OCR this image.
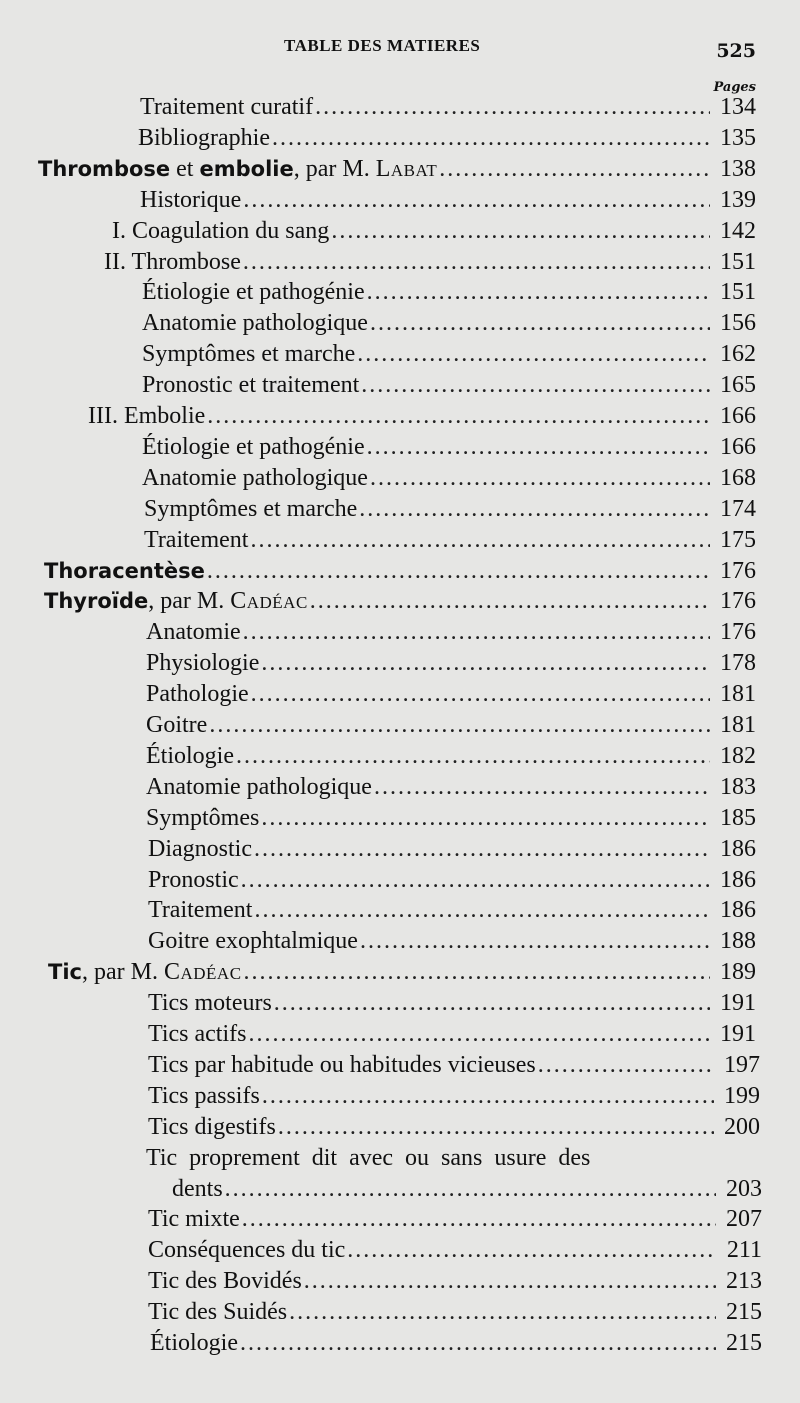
TABLE DES MATIERES	525
Pages
Traitement curatif .....	134
Bibliographie .....	135
Thrombose et embolie, par M. Labat .....	138
Historique .....	139
I. Coagulation du sang .....	142
II. Thrombose .....	151
Étiologie et pathogénie .....	151
Anatomie pathologique .....	156
Symptômes et marche .....	162
Pronostic et traitement .....	165
III. Embolie .....	166
Étiologie et pathogénie .....	166
Anatomie pathologique .....	168
Symptômes et marche .....	174
Traitement .....	175
Thoracentèse .....	176
Thyroïde, par M. Cadéac .....	176
Anatomie .....	176
Physiologie .....	178
Pathologie .....	181
Goitre .....	181
Étiologie .....	182
Anatomie pathologique .....	183
Symptômes .....	185
Diagnostic .....	186
Pronostic .....	186
Traitement .....	186
Goitre exophtalmique .....	188
Tic, par M. Cadéac .....	189
Tics moteurs .....	191
Tics actifs .....	191
Tics par habitude ou habitudes vicieuses .....	197
Tics passifs .....	199
Tics digestifs .....	200
Tic proprement dit avec ou sans usure des
dents .....	203
Tic mixte .....	207
Conséquences du tic .....	211
Tic des Bovidés .....	213
Tic des Suidés .....	215
Étiologie .....	215
